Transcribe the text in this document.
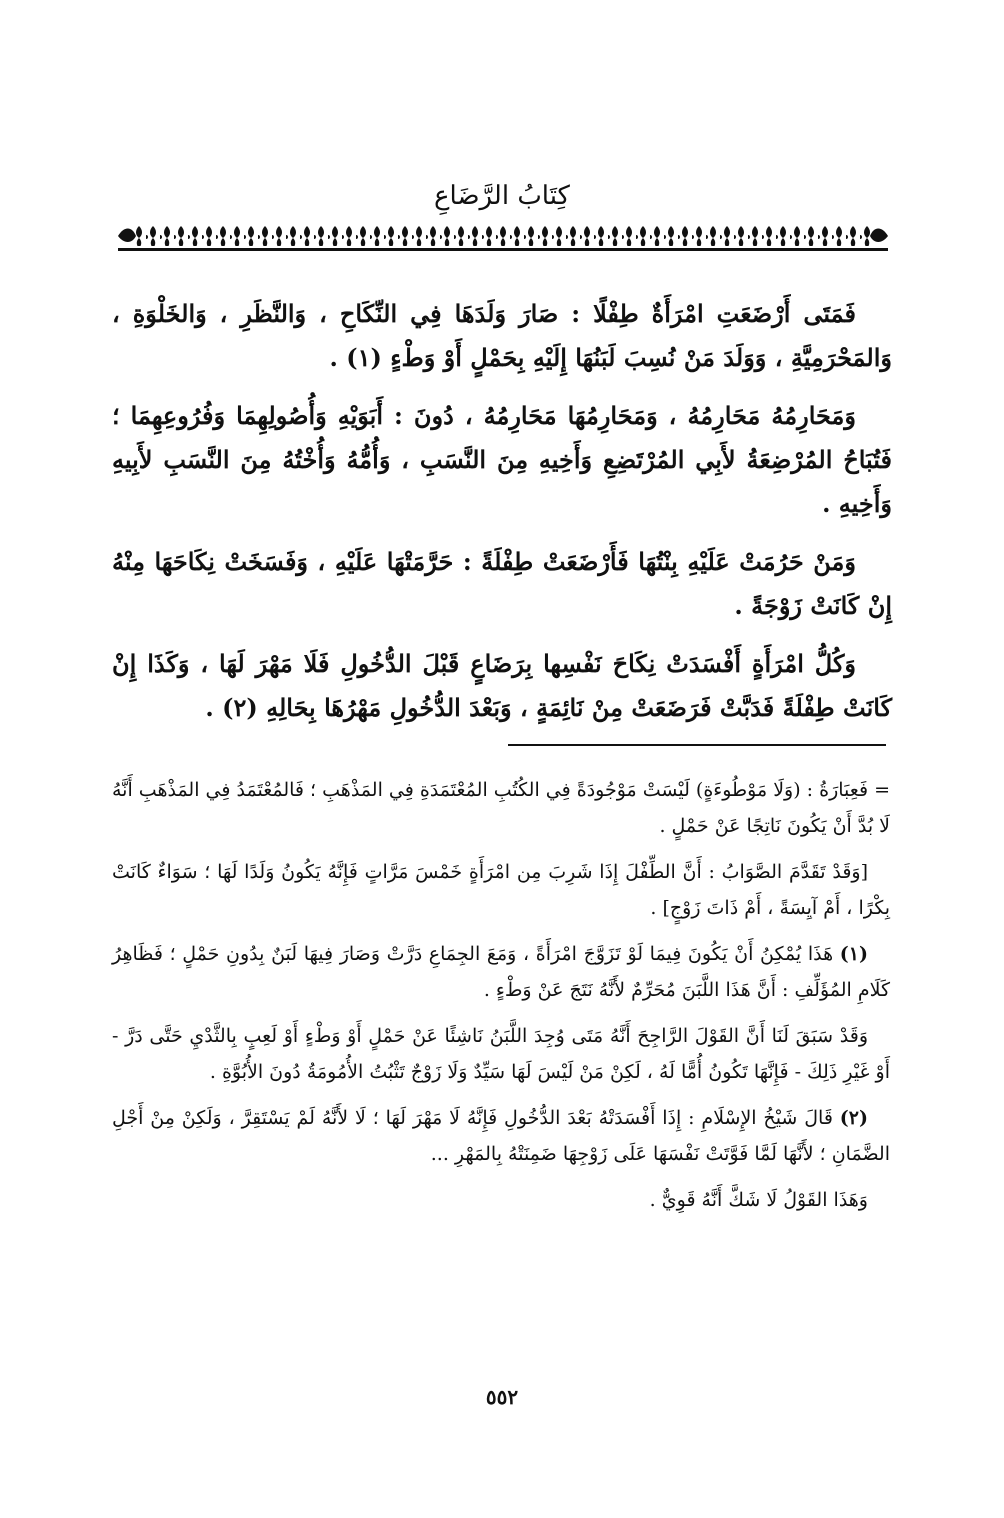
كِتَابُ الرَّضَاعِ

فَمَتَى أَرْضَعَتِ امْرَأَةٌ طِفْلًا : صَارَ وَلَدَهَا فِي النِّكَاحِ ، وَالنَّظَرِ ، وَالخَلْوَةِ ، وَالمَحْرَمِيَّةِ ، وَوَلَدَ مَنْ نُسِبَ لَبَنُهَا إِلَيْهِ بِحَمْلٍ أَوْ وَطْءٍ (١) .

وَمَحَارِمُهُ مَحَارِمُهُ ، وَمَحَارِمُهَا مَحَارِمُهُ ، دُونَ : أَبَوَيْهِ وَأُصُولِهِمَا وَفُرُوعِهِمَا ؛ فَتُبَاحُ المُرْضِعَةُ لأَبِي المُرْتَضِعِ وَأَخِيهِ مِنَ النَّسَبِ ، وَأُمُّهُ وَأُخْتُهُ مِنَ النَّسَبِ لأَبِيهِ وَأَخِيهِ .

وَمَنْ حَرُمَتْ عَلَيْهِ بِنْتُهَا فَأَرْضَعَتْ طِفْلَةً : حَرَّمَتْهَا عَلَيْهِ ، وَفَسَخَتْ نِكَاحَهَا مِنْهُ إِنْ كَانَتْ زَوْجَةً .

وَكُلُّ امْرَأَةٍ أَفْسَدَتْ نِكَاحَ نَفْسِها بِرَضَاعٍ قَبْلَ الدُّخُولِ فَلَا مَهْرَ لَهَا ، وَكَذَا إِنْ كَانَتْ طِفْلَةً فَدَبَّتْ فَرَضَعَتْ مِنْ نَائِمَةٍ ، وَبَعْدَ الدُّخُولِ مَهْرُهَا بِحَالِهِ (٢) .

= فَعِبَارَةُ : (وَلَا مَوْطُوءَةٍ) لَيْسَتْ مَوْجُودَةً فِي الكُتُبِ المُعْتَمَدَةِ فِي المَذْهَبِ ؛ فَالمُعْتَمَدُ فِي المَذْهَبِ أَنَّهُ لَا بُدَّ أَنْ يَكُونَ نَاتِجًا عَنْ حَمْلٍ .

[وَقَدْ تَقَدَّمَ الصَّوَابُ : أَنَّ الطِّفْلَ إِذَا شَرِبَ مِن امْرَأَةٍ خَمْسَ مَرَّاتٍ فَإِنَّهُ يَكُونُ وَلَدًا لَهَا ؛ سَوَاءٌ كَانَتْ بِكْرًا ، أَمْ آيِسَةً ، أَمْ ذَاتَ زَوْجٍ] .

(١) هَذَا يُمْكِنُ أَنْ يَكُونَ فِيمَا لَوْ تَزَوَّجَ امْرَأَةً ، وَمَعَ الجِمَاعِ دَرَّتْ وَصَارَ فِيهَا لَبَنٌ بِدُونِ حَمْلٍ ؛ فَظَاهِرُ كَلَامِ المُؤَلِّفِ : أَنَّ هَذَا اللَّبَنَ مُحَرِّمٌ لأَنَّهُ نَتَجَ عَنْ وَطْءٍ .

وَقَدْ سَبَقَ لَنَا أَنَّ القَوْلَ الرَّاجِحَ أَنَّهُ مَتَى وُجِدَ اللَّبَنُ نَاشِئًا عَنْ حَمْلٍ أَوْ وَطْءٍ أَوْ لَعِبٍ بِالثَّدْيِ حَتَّى دَرَّ - أَوْ غَيْرِ ذَلِكَ - فَإِنَّهَا تَكُونُ أُمًّا لَهُ ، لَكِنْ مَنْ لَيْسَ لَهَا سَيِّدٌ وَلَا زَوْجٌ تَثْبُتُ الأُمُومَةُ دُونَ الأُبُوَّةِ .

(٢) قَالَ شَيْخُ الإِسْلَامِ : إِذَا أَفْسَدَتْهُ بَعْدَ الدُّخُولِ فَإِنَّهُ لَا مَهْرَ لَهَا ؛ لَا لأَنَّهُ لَمْ يَسْتَقِرَّ ، وَلَكِنْ مِنْ أَجْلِ الضَّمَانِ ؛ لأَنَّهَا لَمَّا فَوَّتَتْ نَفْسَهَا عَلَى زَوْجِهَا ضَمِنَتْهُ بِالمَهْرِ ...

وَهَذَا القَوْلُ لَا شَكَّ أَنَّهُ قَوِيٌّ .

٥٥٢
